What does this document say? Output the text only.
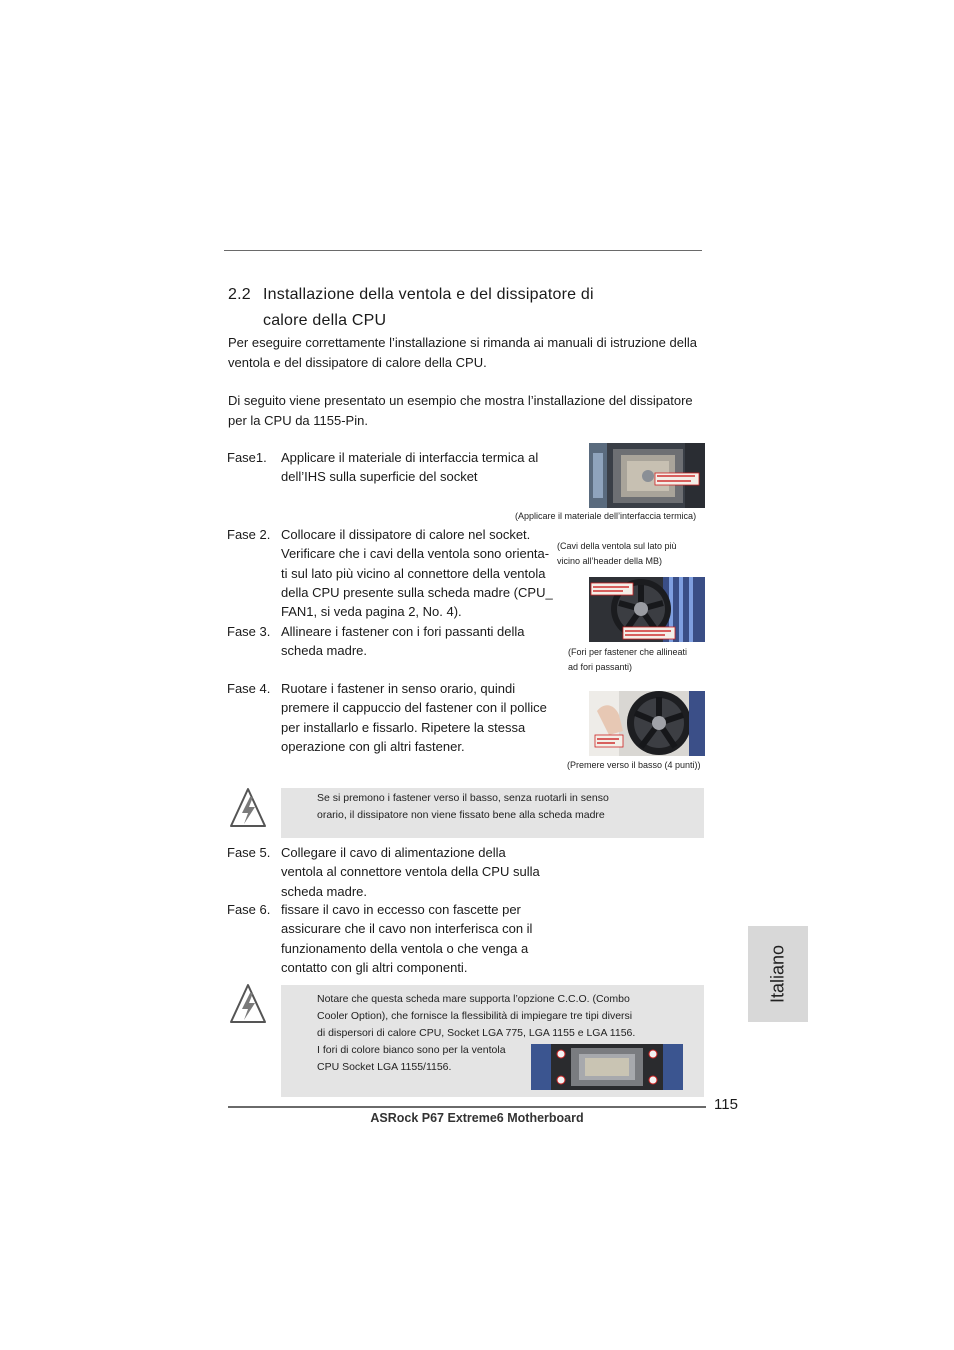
2.2 Installazione della ventola e del dissipatore di
calore della CPU
Per eseguire correttamente l’installazione si rimanda ai manuali di istruzione della
ventola e del dissipatore di calore della CPU.
Di seguito viene presentato un esempio che mostra l’installazione del dissipatore
per la CPU da 1155-Pin.
Fase1. Applicare il materiale di interfaccia termica al
dell’IHS sulla superficie del socket
(Applicare il materiale dell’interfaccia termica)
Fase 2. Collocare il dissipatore di calore nel socket.
Verificare che i cavi della ventola sono orienta-
ti sul lato più vicino al connettore della ventola
della CPU presente sulla scheda madre (CPU_
FAN1, si veda pagina 2, No. 4).
(Cavi della ventola sul lato più
vicino all’header della MB)
Fase 3. Allineare i fastener con i fori passanti della
scheda madre.	(Fori per fastener che allineati
ad fori passanti)
Fase 4. Ruotare i fastener in senso orario, quindi
premere il cappuccio del fastener con il pollice
per installarlo e fissarlo. Ripetere la stessa
operazione con gli altri fastener.
(Premere verso il basso (4 punti))
Se si premono i fastener verso il basso, senza ruotarli in senso
orario, il dissipatore non viene fissato bene alla scheda madre
Fase 5. Collegare il cavo di alimentazione della
ventola al connettore ventola della CPU sulla
scheda madre.
Fase 6. fissare il cavo in eccesso con fascette per
assicurare che il cavo non interferisca con il
funzionamento della ventola o che venga a
contatto con gli altri componenti.	Italiano
Notare che questa scheda mare supporta l’opzione C.C.O. (Combo
Cooler Option), che fornisce la flessibilità di impiegare tre tipi diversi
di dispersori di calore CPU, Socket LGA 775, LGA 1155 e LGA 1156.
I fori di colore bianco sono per la ventola
CPU Socket LGA 1155/1156.
115
ASRock P67 Extreme6 Motherboard
